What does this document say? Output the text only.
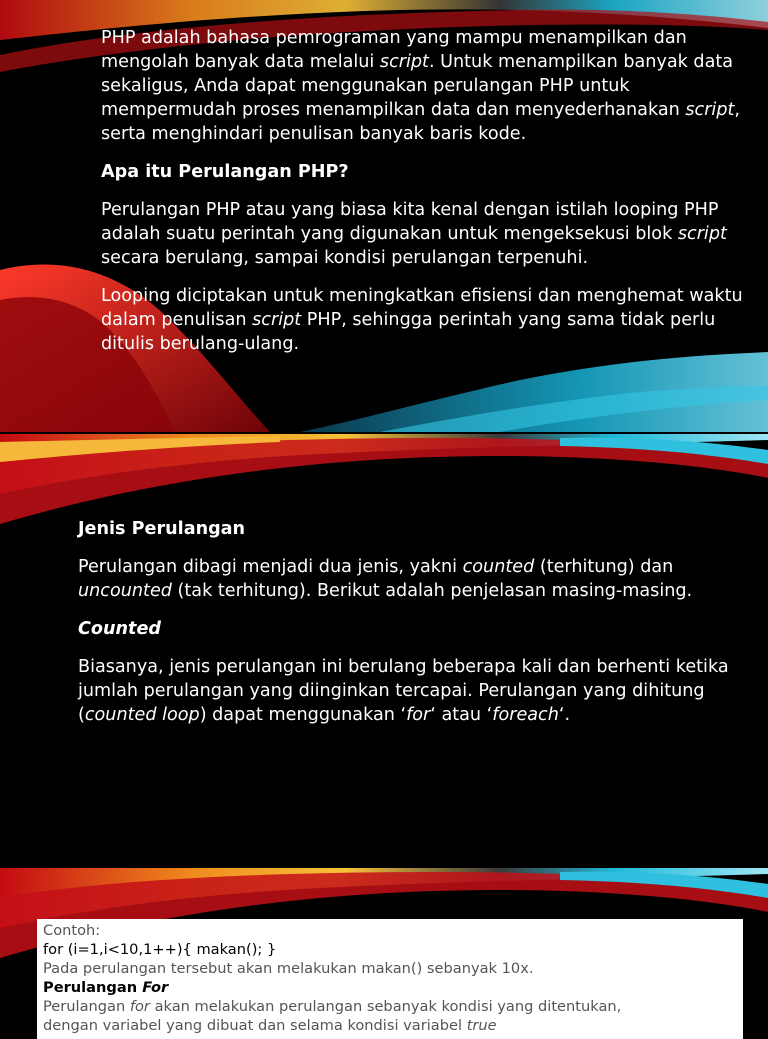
PHP adalah bahasa pemrograman yang mampu menampilkan dan mengolah banyak data melalui script. Untuk menampilkan banyak data sekaligus, Anda dapat menggunakan perulangan PHP untuk mempermudah proses menampilkan data dan menyederhanakan script, serta menghindari penulisan banyak baris kode.

Apa itu Perulangan PHP?

Perulangan PHP atau yang biasa kita kenal dengan istilah looping PHP adalah suatu perintah yang digunakan untuk mengeksekusi blok script secara berulang, sampai kondisi perulangan terpenuhi.

Looping diciptakan untuk meningkatkan efisiensi dan menghemat waktu dalam penulisan script PHP, sehingga perintah yang sama tidak perlu ditulis berulang-ulang.

Jenis Perulangan

Perulangan dibagi menjadi dua jenis, yakni counted (terhitung) dan uncounted (tak terhitung). Berikut adalah penjelasan masing-masing.

Counted

Biasanya, jenis perulangan ini berulang beberapa kali dan berhenti ketika jumlah perulangan yang diinginkan tercapai. Perulangan yang dihitung (counted loop) dapat menggunakan ‘for‘ atau ‘foreach‘.

Contoh:
for (i=1,i<10,1++){ makan(); }
Pada perulangan tersebut akan melakukan makan() sebanyak 10x.
Perulangan For
Perulangan for akan melakukan perulangan sebanyak kondisi yang ditentukan,
dengan variabel yang dibuat dan selama kondisi variabel true
